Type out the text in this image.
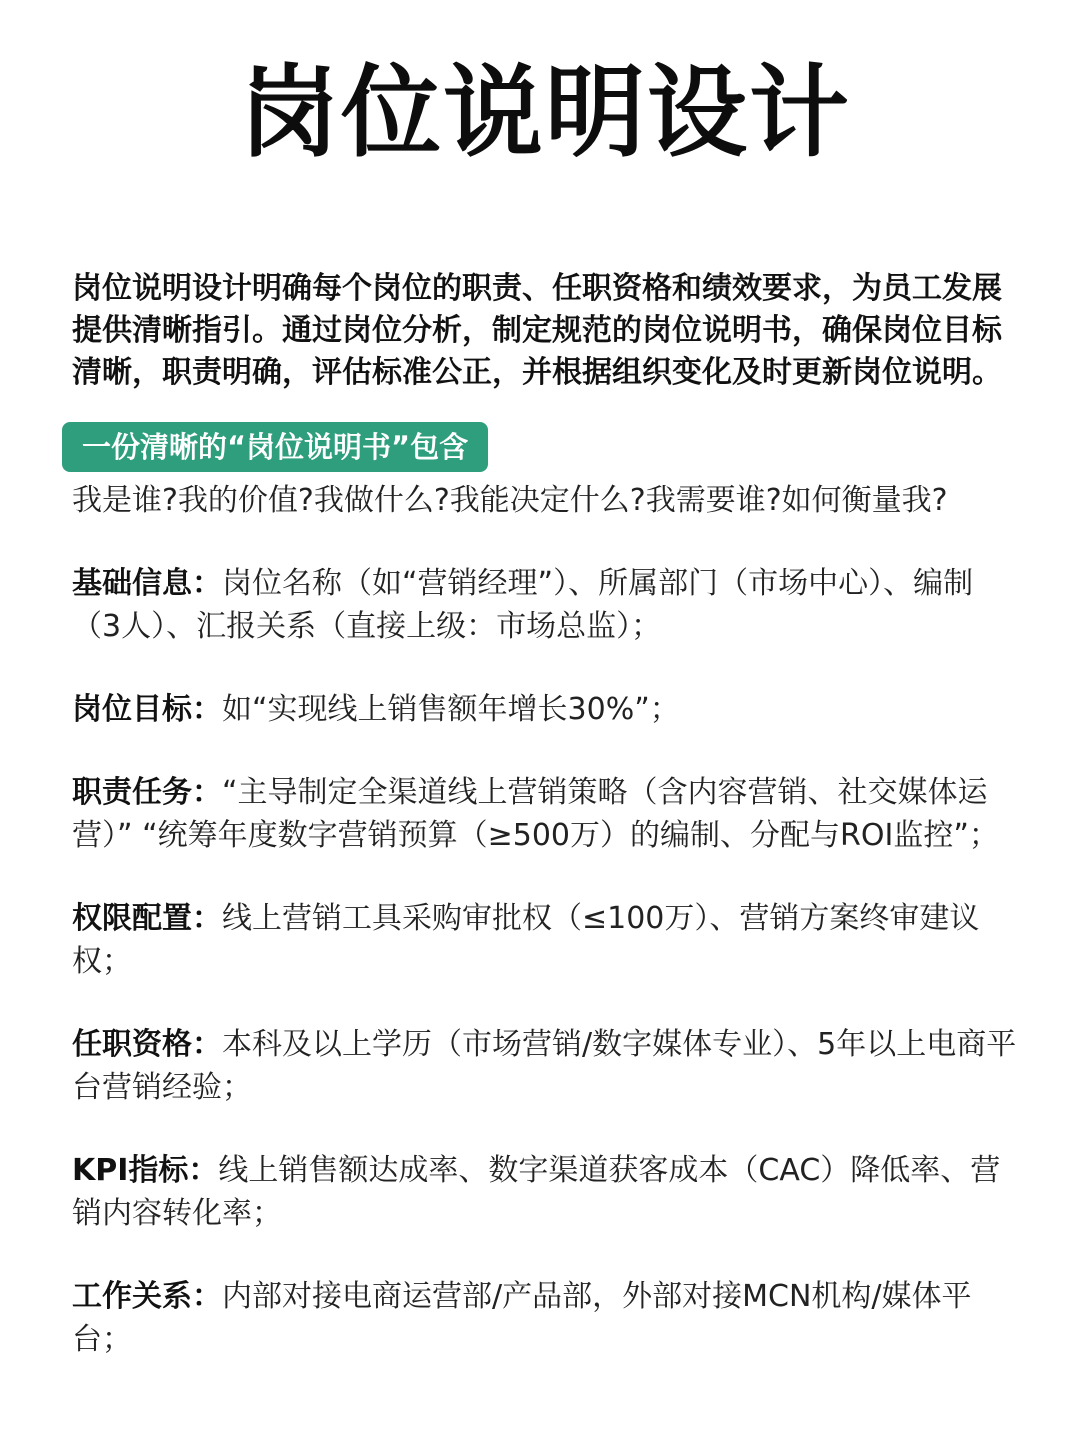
岗位说明设计

岗位说明设计明确每个岗位的职责、任职资格和绩效要求，为员工发展提供清晰指引。通过岗位分析，制定规范的岗位说明书，确保岗位目标清晰，职责明确，评估标准公正，并根据组织变化及时更新岗位说明。

一份清晰的“岗位说明书”包含

我是谁?我的价值?我做什么?我能决定什么?我需要谁?如何衡量我?

基础信息：岗位名称（如“营销经理”）、所属部门（市场中心）、编制（3人）、汇报关系（直接上级：市场总监）；

岗位目标：如“实现线上销售额年增长30%”；

职责任务：“主导制定全渠道线上营销策略（含内容营销、社交媒体运营）” “统筹年度数字营销预算（≥500万）的编制、分配与ROI监控”；

权限配置：线上营销工具采购审批权（≤100万）、营销方案终审建议权；

任职资格：本科及以上学历（市场营销/数字媒体专业）、5年以上电商平台营销经验；

KPI指标：线上销售额达成率、数字渠道获客成本（CAC）降低率、营销内容转化率；

工作关系：内部对接电商运营部/产品部，外部对接MCN机构/媒体平台；
